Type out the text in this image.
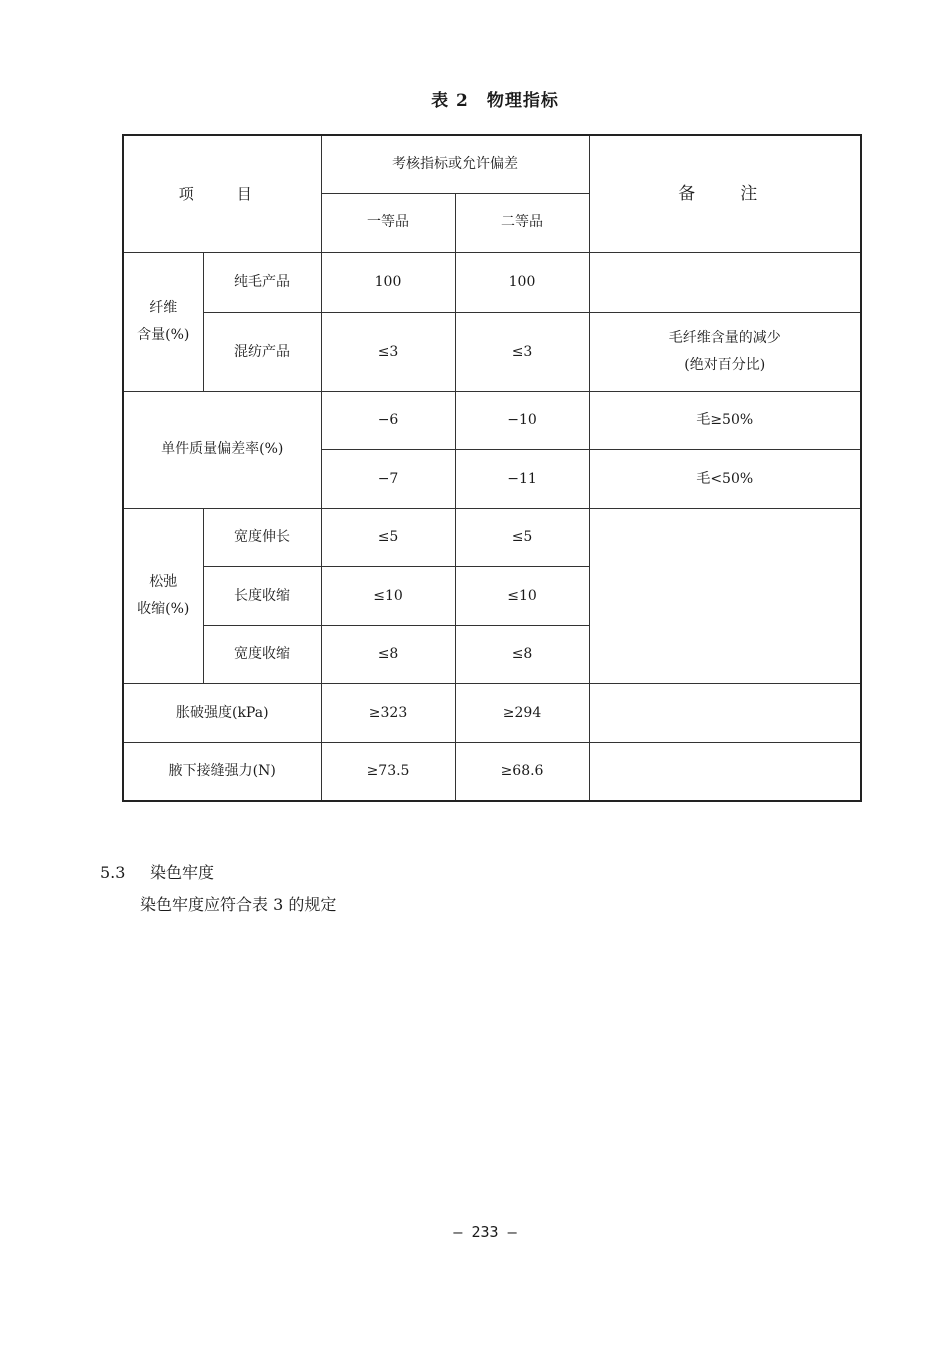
表 2　物理指标
项　目		考核指标或允许偏差		备　注
		一等品	二等品	
纤维
含量(%)	纯毛产品	100	100	
	混纺产品	≤3	≤3	毛纤维含量的减少
(绝对百分比)
单件质量偏差率(%)		−6	−10	毛≥50%
		−7	−11	毛<50%
松弛
收缩(%)	宽度伸长	≤5	≤5	
	长度收缩	≤10	≤10	
	宽度收缩	≤8	≤8	
胀破强度(kPa)		≥323	≥294	
腋下接缝强力(N)		≥73.5	≥68.6	
5.3 染色牢度
染色牢度应符合表 3 的规定
— 233 —
